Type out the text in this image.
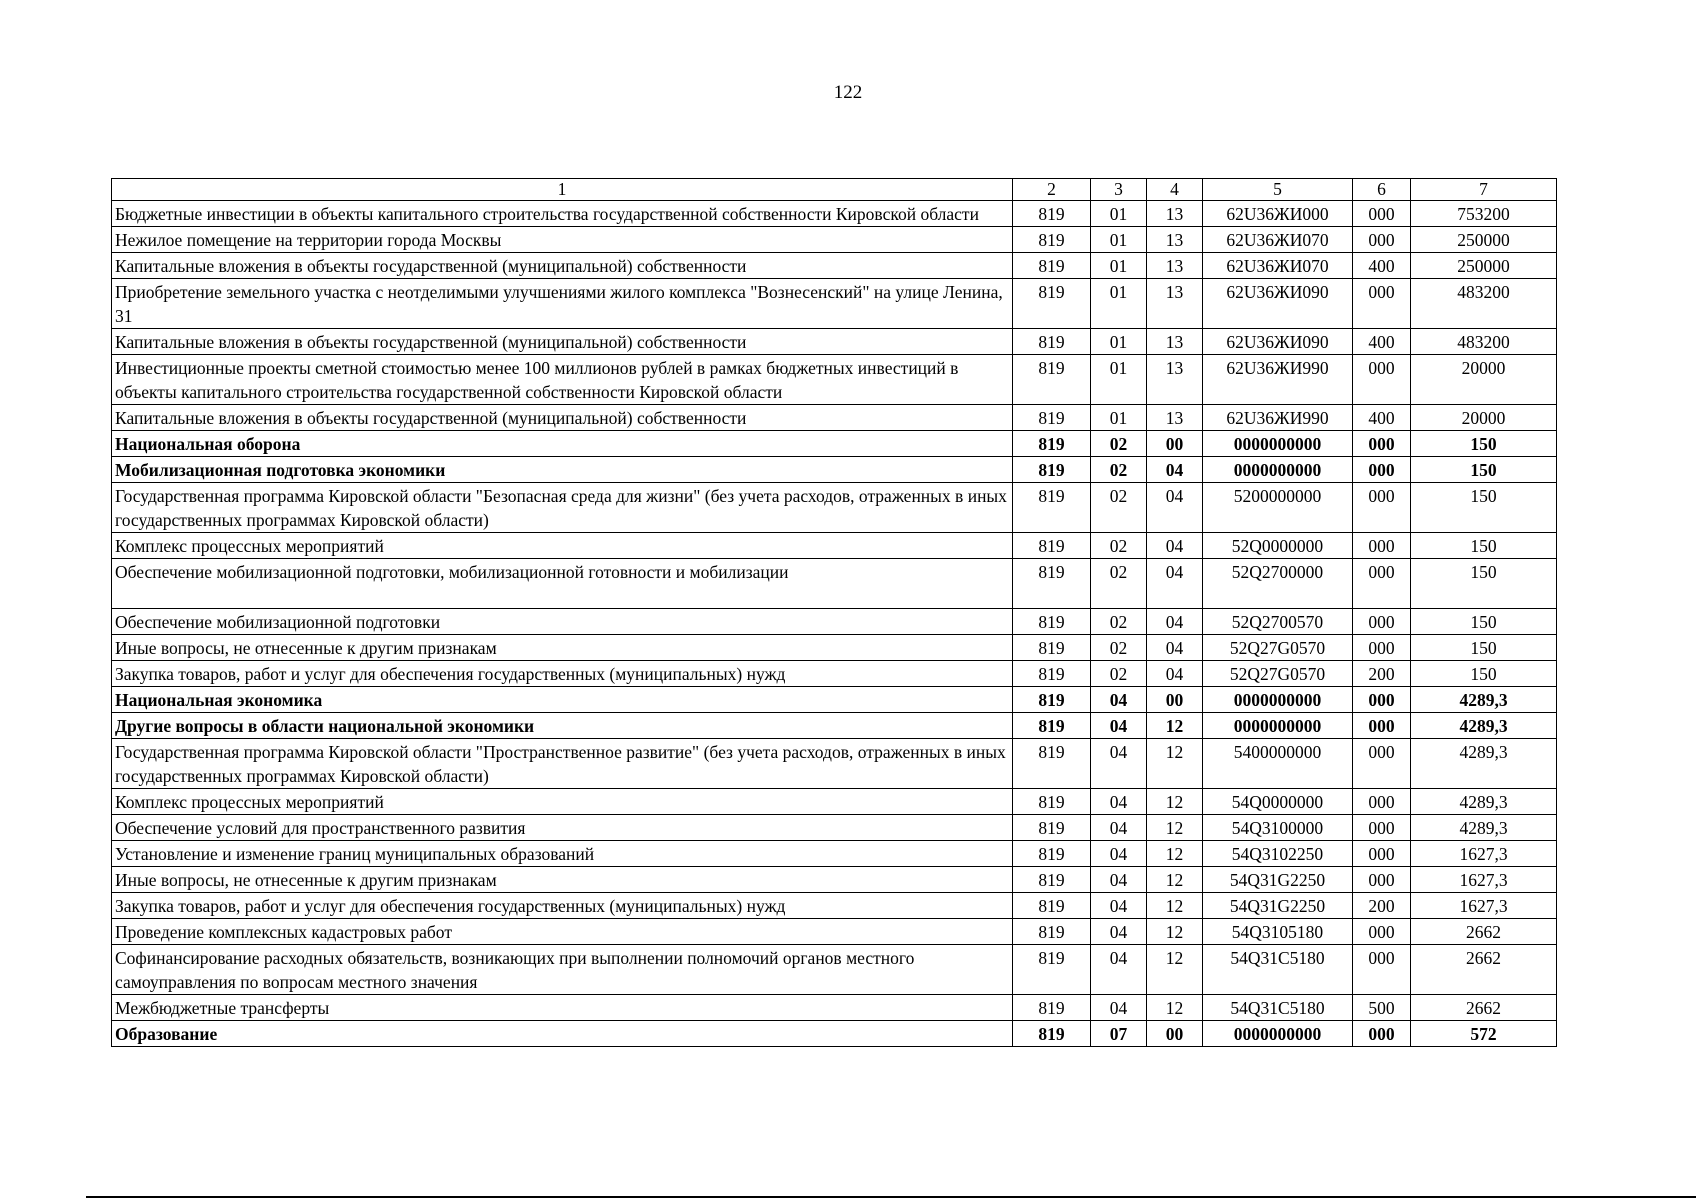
122
1	2	3	4	5	6	7
Бюджетные инвестиции в объекты капитального строительства государственной собственности Кировской области	819	01	13	62U36ЖИ000	000	753200
Нежилое помещение на территории города Москвы	819	01	13	62U36ЖИ070	000	250000
Капитальные вложения в объекты государственной (муниципальной) собственности	819	01	13	62U36ЖИ070	400	250000
Приобретение земельного участка с неотделимыми улучшениями жилого комплекса "Вознесенский" на улице Ленина, 31	819	01	13	62U36ЖИ090	000	483200
Капитальные вложения в объекты государственной (муниципальной) собственности	819	01	13	62U36ЖИ090	400	483200
Инвестиционные проекты сметной стоимостью менее 100 миллионов рублей в рамках бюджетных инвестиций в объекты капитального строительства государственной собственности Кировской области	819	01	13	62U36ЖИ990	000	20000
Капитальные вложения в объекты государственной (муниципальной) собственности	819	01	13	62U36ЖИ990	400	20000
Национальная оборона	819	02	00	0000000000	000	150
Мобилизационная подготовка экономики	819	02	04	0000000000	000	150
Государственная программа Кировской области "Безопасная среда для жизни" (без учета расходов, отраженных в иных государственных программах Кировской области)	819	02	04	5200000000	000	150
Комплекс процессных мероприятий	819	02	04	52Q0000000	000	150
Обеспечение мобилизационной подготовки, мобилизационной готовности и мобилизации	819	02	04	52Q2700000	000	150
Обеспечение мобилизационной подготовки	819	02	04	52Q2700570	000	150
Иные вопросы, не отнесенные к другим признакам	819	02	04	52Q27G0570	000	150
Закупка товаров, работ и услуг для обеспечения государственных (муниципальных) нужд	819	02	04	52Q27G0570	200	150
Национальная экономика	819	04	00	0000000000	000	4289,3
Другие вопросы в области национальной экономики	819	04	12	0000000000	000	4289,3
Государственная программа Кировской области "Пространственное развитие" (без учета расходов, отраженных в иных государственных программах Кировской области)	819	04	12	5400000000	000	4289,3
Комплекс процессных мероприятий	819	04	12	54Q0000000	000	4289,3
Обеспечение условий для пространственного развития	819	04	12	54Q3100000	000	4289,3
Установление и изменение границ муниципальных образований	819	04	12	54Q3102250	000	1627,3
Иные вопросы, не отнесенные к другим признакам	819	04	12	54Q31G2250	000	1627,3
Закупка товаров, работ и услуг для обеспечения государственных (муниципальных) нужд	819	04	12	54Q31G2250	200	1627,3
Проведение комплексных кадастровых работ	819	04	12	54Q3105180	000	2662
Софинансирование расходных обязательств, возникающих при выполнении полномочий органов местного самоуправления по вопросам местного значения	819	04	12	54Q31C5180	000	2662
Межбюджетные трансферты	819	04	12	54Q31C5180	500	2662
Образование	819	07	00	0000000000	000	572
